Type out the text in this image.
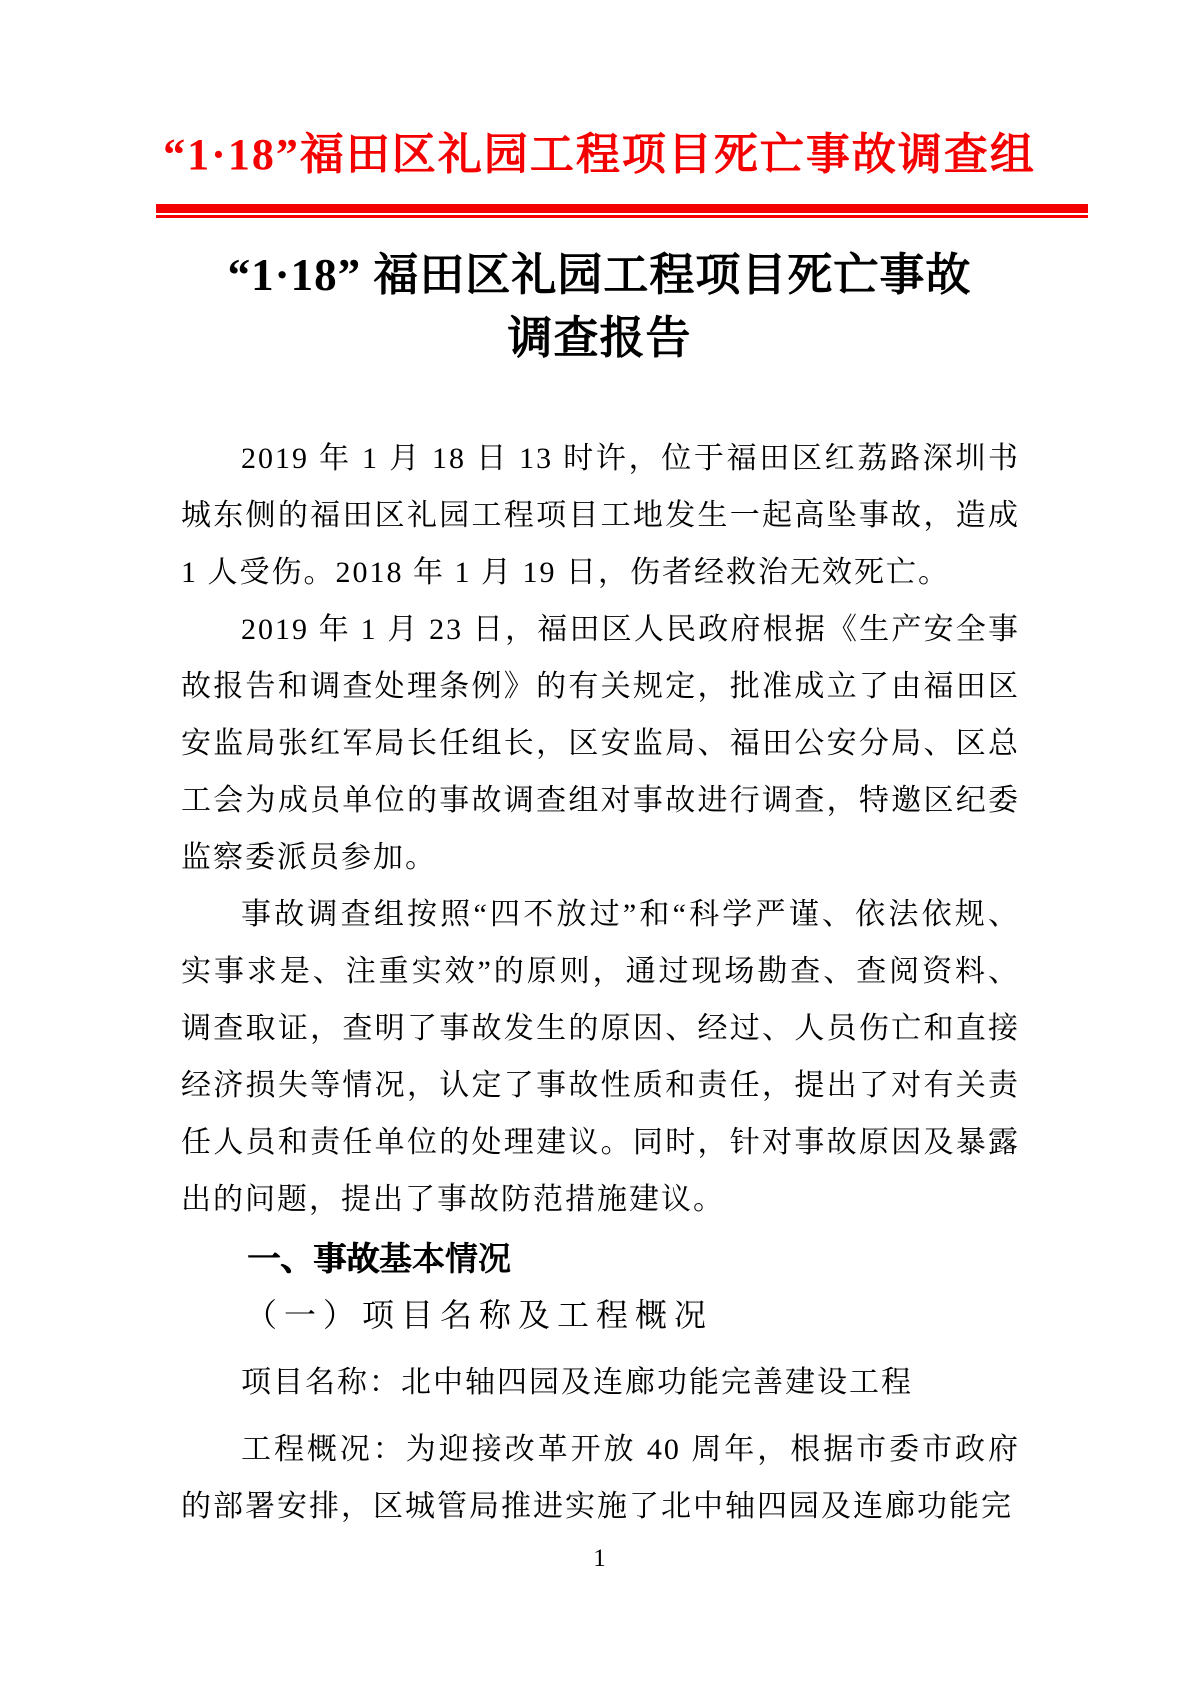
“1·18”福田区礼园工程项目死亡事故调查组
“1·18” 福田区礼园工程项目死亡事故
调查报告

2019 年 1 月 18 日 13 时许，位于福田区红荔路深圳书城东侧的福田区礼园工程项目工地发生一起高坠事故，造成 1 人受伤。2018 年 1 月 19 日，伤者经救治无效死亡。

2019 年 1 月 23 日，福田区人民政府根据《生产安全事故报告和调查处理条例》的有关规定，批准成立了由福田区安监局张红军局长任组长，区安监局、福田公安分局、区总工会为成员单位的事故调查组对事故进行调查，特邀区纪委监察委派员参加。

事故调查组按照“四不放过”和“科学严谨、依法依规、实事求是、注重实效”的原则，通过现场勘查、查阅资料、调查取证，查明了事故发生的原因、经过、人员伤亡和直接经济损失等情况，认定了事故性质和责任，提出了对有关责任人员和责任单位的处理建议。同时，针对事故原因及暴露出的问题，提出了事故防范措施建议。

一、事故基本情况
（一）项目名称及工程概况

项目名称：北中轴四园及连廊功能完善建设工程

工程概况：为迎接改革开放 40 周年，根据市委市政府的部署安排，区城管局推进实施了北中轴四园及连廊功能完

1
